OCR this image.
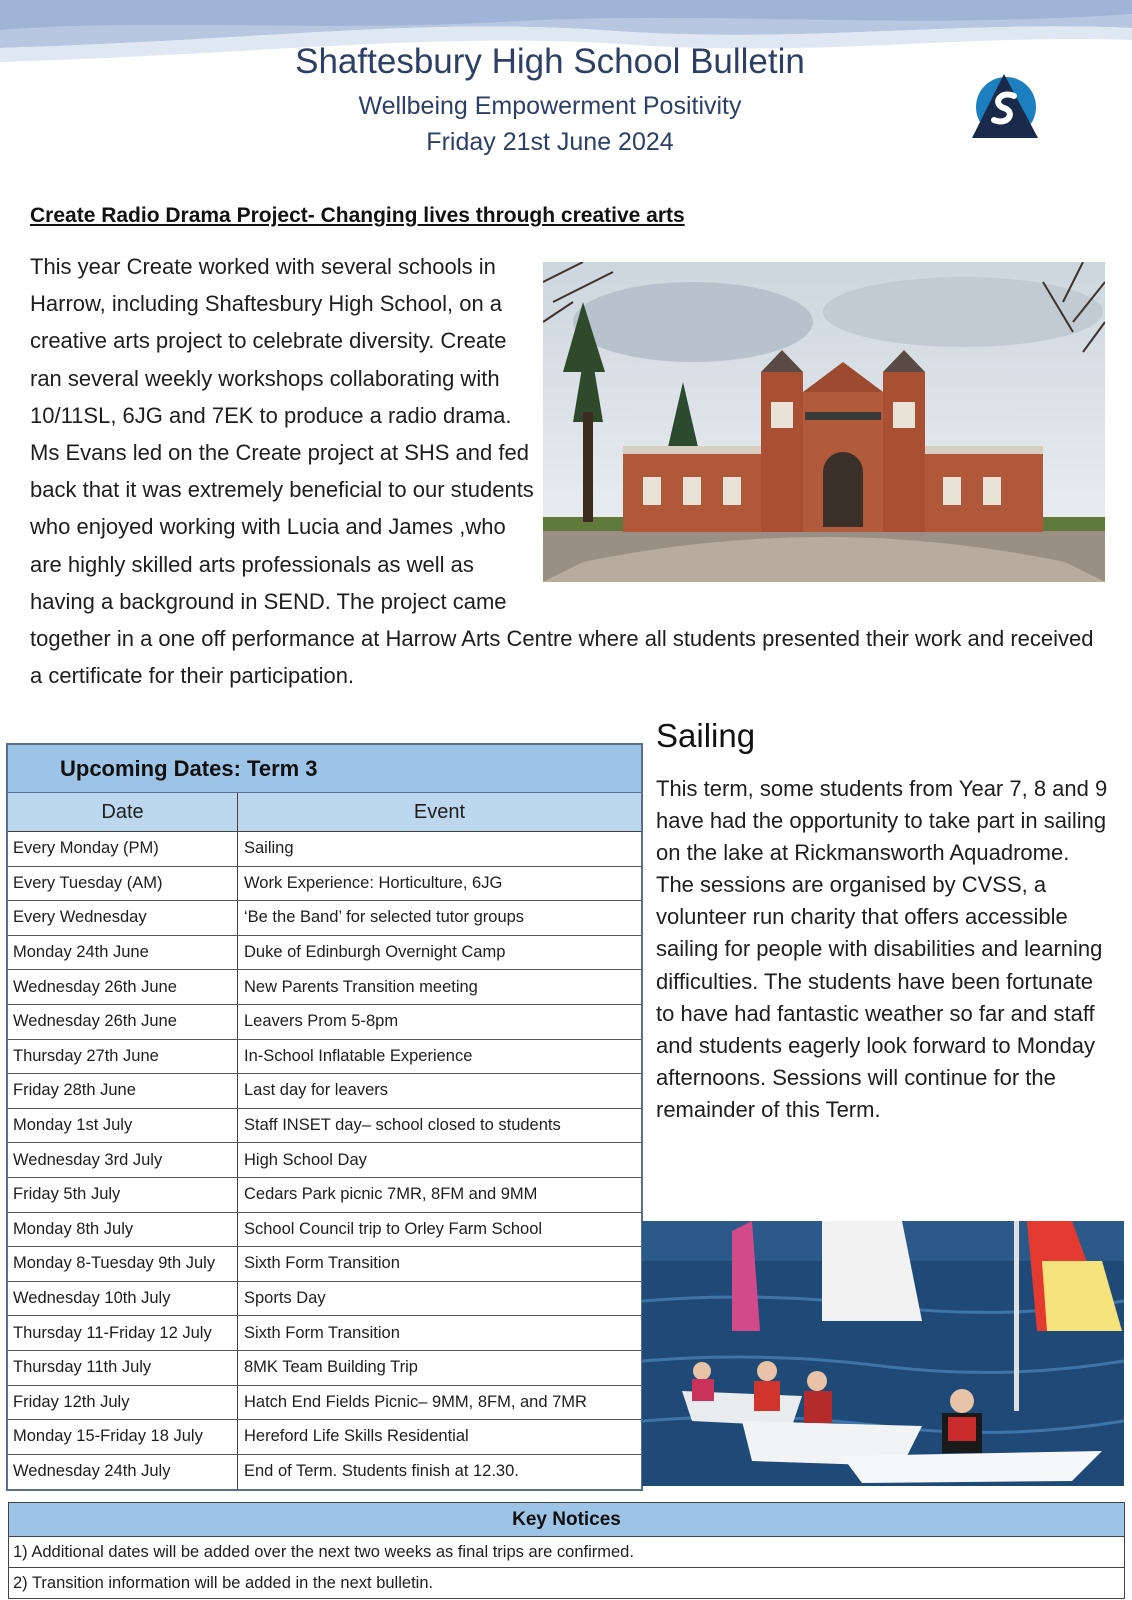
Shaftesbury High School Bulletin
Wellbeing Empowerment Positivity
Friday 21st June 2024
Create Radio Drama Project- Changing lives through creative arts
This year Create worked with several schools in Harrow, including Shaftesbury High School, on a creative arts project to celebrate diversity. Create ran several weekly workshops collaborating with 10/11SL, 6JG and 7EK to produce a radio drama. Ms Evans led on the Create project at SHS and fed back that it was extremely beneficial to our students who enjoyed working with Lucia and James ,who are highly skilled arts professionals as well as having a background in SEND. The project came together in a one off performance at Harrow Arts Centre where all students presented their work and received a certificate for their participation.
Upcoming Dates: Term 3
Date	Event
Every Monday (PM)	Sailing
Every Tuesday (AM)	Work Experience: Horticulture, 6JG
Every Wednesday	‘Be the Band’ for selected tutor groups
Monday 24th June	Duke of Edinburgh Overnight Camp
Wednesday 26th June	New Parents Transition meeting
Wednesday 26th June	Leavers Prom 5-8pm
Thursday 27th June	In-School Inflatable Experience
Friday 28th June	Last day for leavers
Monday 1st July	Staff INSET day– school closed to students
Wednesday 3rd July	High School Day
Friday 5th July	Cedars Park picnic 7MR, 8FM and 9MM
Monday 8th July	School Council trip to Orley Farm School
Monday 8-Tuesday 9th July	Sixth Form Transition
Wednesday 10th July	Sports Day
Thursday 11-Friday 12 July	Sixth Form Transition
Thursday 11th July	8MK Team Building Trip
Friday 12th July	Hatch End Fields Picnic– 9MM, 8FM, and 7MR
Monday 15-Friday 18 July	Hereford Life Skills Residential
Wednesday 24th July	End of Term. Students finish at 12.30.
Sailing
This term, some students from Year 7, 8 and 9 have had the opportunity to take part in sailing on the lake at Rickmansworth Aquadrome. The sessions are organised by CVSS, a volunteer run charity that offers accessible sailing for people with disabilities and learning difficulties. The students have been fortunate to have had fantastic weather so far and staff and students eagerly look forward to Monday afternoons. Sessions will continue for the remainder of this Term.
Key Notices
1) Additional dates will be added over the next two weeks as final trips are confirmed.
2) Transition information will be added in the next bulletin.
